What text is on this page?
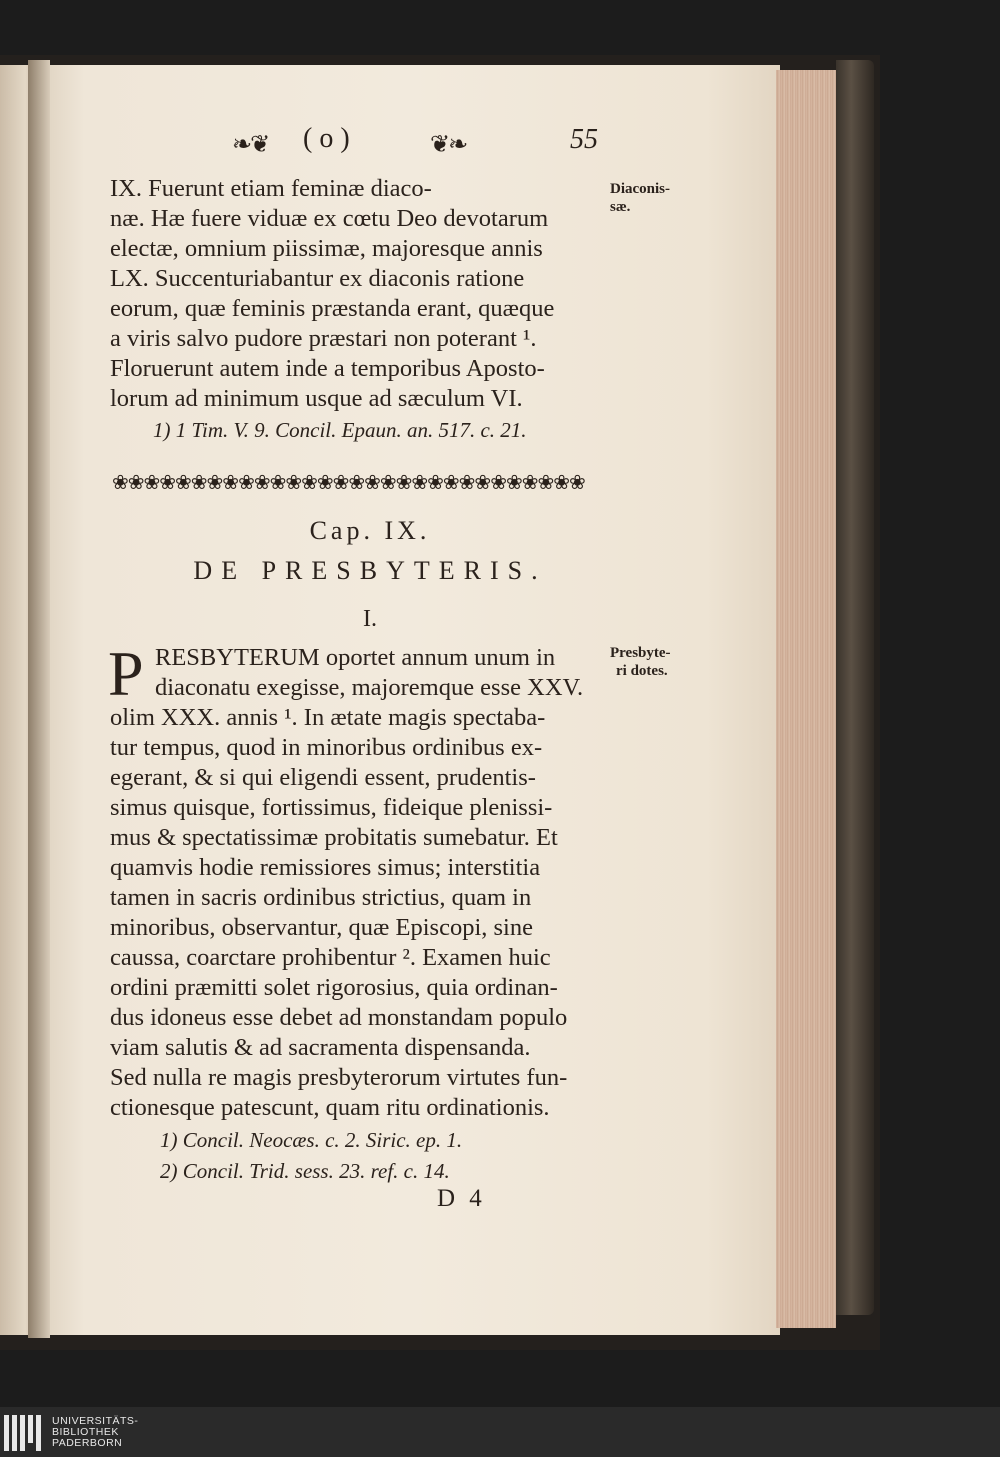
❧❦ ( o )	❦❧	55
IX. Fuerunt etiam feminæ diaco-
næ. Hæ fuere viduæ ex cœtu Deo devotarum
electæ, omnium piissimæ, majoresque annis
LX. Succenturiabantur ex diaconis ratione
eorum, quæ feminis præstanda erant, quæque
a viris salvo pudore præstari non poterant ¹.
Floruerunt autem inde a temporibus Aposto-
lorum ad minimum usque ad sæculum VI.
1) 1 Tim. V. 9. Concil. Epaun. an. 517. c. 21.
Diaconis-
sæ.
❀❀❀❀❀❀❀❀❀❀❀❀❀❀❀❀❀❀❀❀❀❀❀❀❀❀❀❀❀❀
Cap. IX.
DE PRESBYTERIS.
I.
P RESBYTERUM oportet annum unum in
diaconatu exegisse, majoremque esse XXV.
olim XXX. annis ¹. In ætate magis spectaba-
tur tempus, quod in minoribus ordinibus ex-
egerant, & si qui eligendi essent, prudentis-
simus quisque, fortissimus, fideique plenissi-
mus & spectatissimæ probitatis sumebatur. Et
quamvis hodie remissiores simus; interstitia
tamen in sacris ordinibus strictius, quam in
minoribus, observantur, quæ Episcopi, sine
caussa, coarctare prohibentur ². Examen huic
ordini præmitti solet rigorosius, quia ordinan-
dus idoneus esse debet ad monstandam populo
viam salutis & ad sacramenta dispensanda.
Sed nulla re magis presbyterorum virtutes fun-
ctionesque patescunt, quam ritu ordinationis.
Presbyte-
ri dotes.
1) Concil. Neocæs. c. 2. Siric. ep. 1.
2) Concil. Trid. sess. 23. ref. c. 14.
D 4
UNIVERSITÄTS-
BIBLIOTHEK
PADERBORN
